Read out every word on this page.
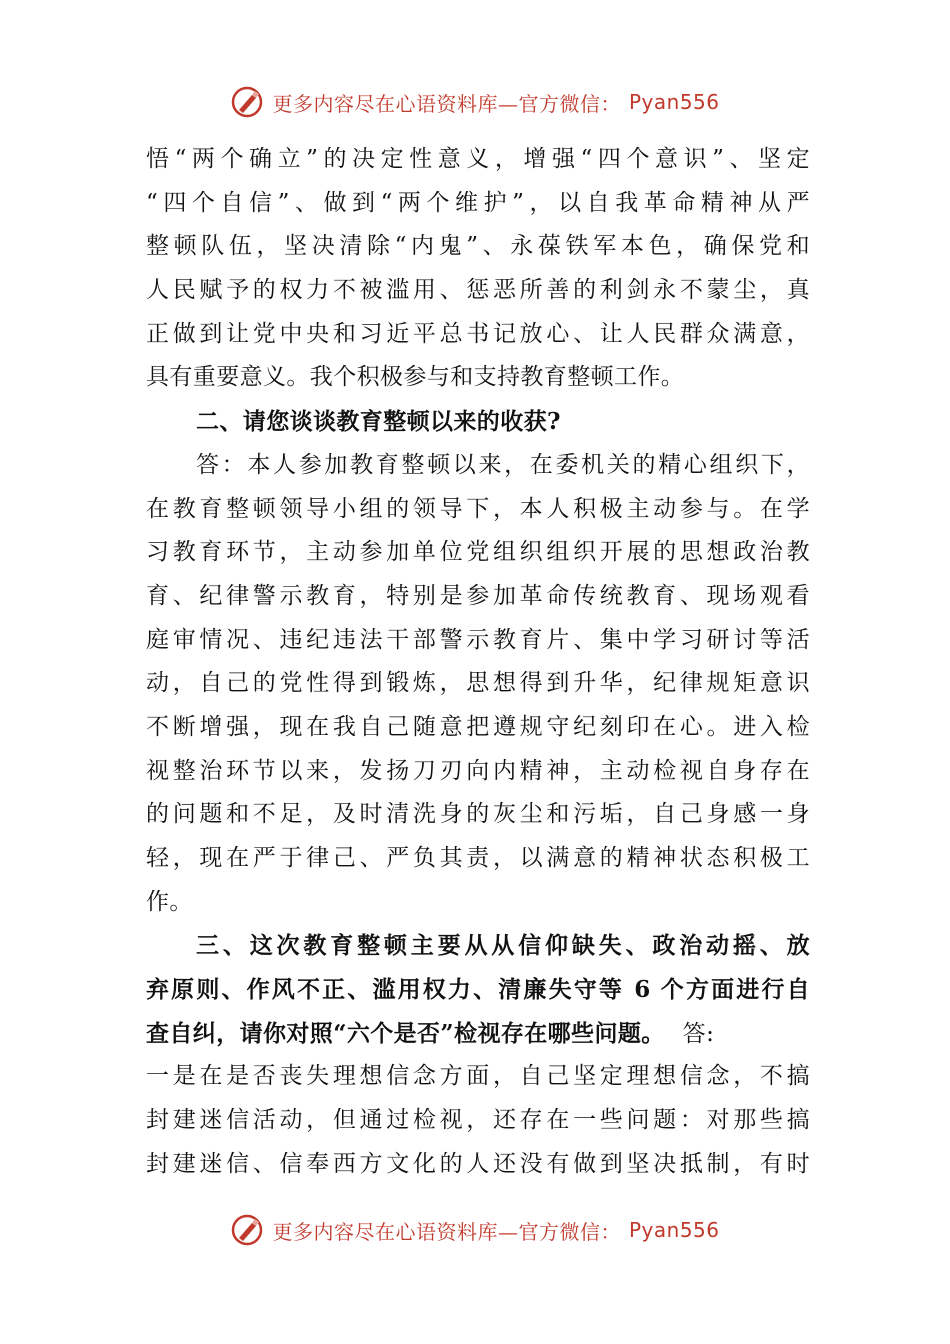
更多内容尽在心语资料库—官方微信： Pyan556
悟“两个确立”的决定性意义，增强“四个意识”、坚定
“四个自信”、做到“两个维护”，以自我革命精神从严
整顿队伍，坚决清除“内鬼”、永葆铁军本色，确保党和
人民赋予的权力不被滥用、惩恶所善的利剑永不蒙尘，真
正做到让党中央和习近平总书记放心、让人民群众满意，
具有重要意义。我个积极参与和支持教育整顿工作。
二、请您谈谈教育整顿以来的收获?
答：本人参加教育整顿以来，在委机关的精心组织下，
在教育整顿领导小组的领导下，本人积极主动参与。在学
习教育环节，主动参加单位党组织组织开展的思想政治教
育、纪律警示教育，特别是参加革命传统教育、现场观看
庭审情况、违纪违法干部警示教育片、集中学习研讨等活
动，自己的党性得到锻炼，思想得到升华，纪律规矩意识
不断增强，现在我自己随意把遵规守纪刻印在心。进入检
视整治环节以来，发扬刀刃向内精神，主动检视自身存在
的问题和不足，及时清洗身的灰尘和污垢，自己身感一身
轻，现在严于律己、严负其责，以满意的精神状态积极工
作。
三、这次教育整顿主要从从信仰缺失、政治动摇、放
弃原则、作风不正、滥用权力、清廉失守等 6 个方面进行自
查自纠，请你对照“六个是否”检视存在哪些问题。 答:
一是在是否丧失理想信念方面，自己坚定理想信念，不搞
封建迷信活动，但通过检视，还存在一些问题：对那些搞
封建迷信、信奉西方文化的人还没有做到坚决抵制，有时
更多内容尽在心语资料库—官方微信： Pyan556
